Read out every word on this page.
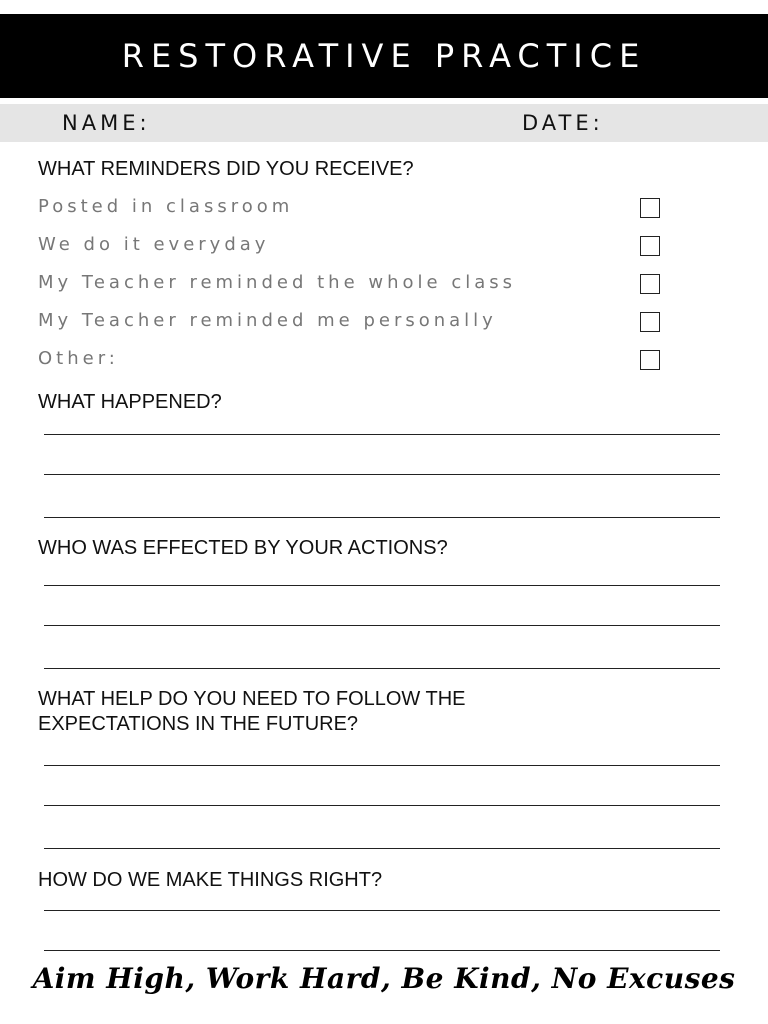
RESTORATIVE PRACTICE
NAME:	DATE:
WHAT REMINDERS DID YOU RECEIVE?
Posted in classroom
We do it everyday
My Teacher reminded the whole class
My Teacher reminded me personally
Other:
WHAT HAPPENED?
WHO WAS EFFECTED BY YOUR ACTIONS?
WHAT HELP DO YOU NEED TO FOLLOW THE
EXPECTATIONS IN THE FUTURE?
HOW DO WE MAKE THINGS RIGHT?
Aim High, Work Hard, Be Kind, No Excuses
